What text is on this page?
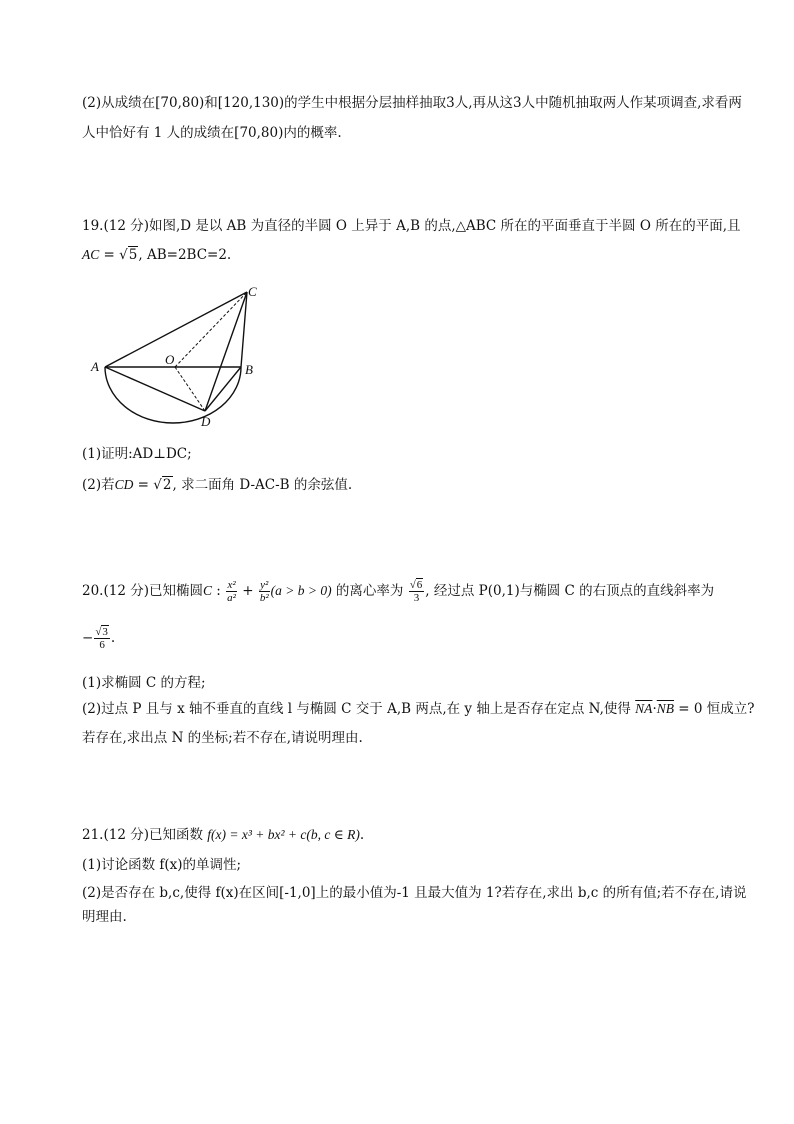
(2)从成绩在[70,80)和[120,130)的学生中根据分层抽样抽取3人,再从这3人中随机抽取两人作某项调查,求看两
人中恰好有 1 人的成绩在[70,80)内的概率.
19.(12 分)如图,D 是以 AB 为直径的半圆 O 上异于 A,B 的点,△ABC 所在的平面垂直于半圆 O 所在的平面,且
AC = √5, AB=2BC=2.
A	B
C
D
O
(1)证明:AD⊥DC;
(2)若CD = √2, 求二面角 D-AC-B 的余弦值.
20.(12 分)已知椭圆C : $\frac{\text{x²}}{\text{a²}} + \frac{\text{y²}}{\text{b²}} (a > b > 0)$ 的离心率为 $\frac{√6}{3}$ , 经过点 P(0,1)与椭圆 C 的右顶点的直线斜率为
− $\frac{√3}{6}$ .
(1)求椭圆 C 的方程;
(2)过点 P 且与 x 轴不垂直的直线 l 与椭圆 C 交于 A,B 两点,在 y 轴上是否存在定点 N,使得 $\overline{NA}\cdot\overline{NB} = 0$ 恒成立?
若存在,求出点 N 的坐标;若不存在,请说明理由.
21.(12 分)已知函数 f(x) = x³ + bx² + c(b, c ∈ R).
(1)讨论函数 f(x)的单调性;
(2)是否存在 b,c,使得 f(x)在区间[-1,0]上的最小值为-1 且最大值为 1?若存在,求出 b,c 的所有值;若不存在,请说
明理由.
